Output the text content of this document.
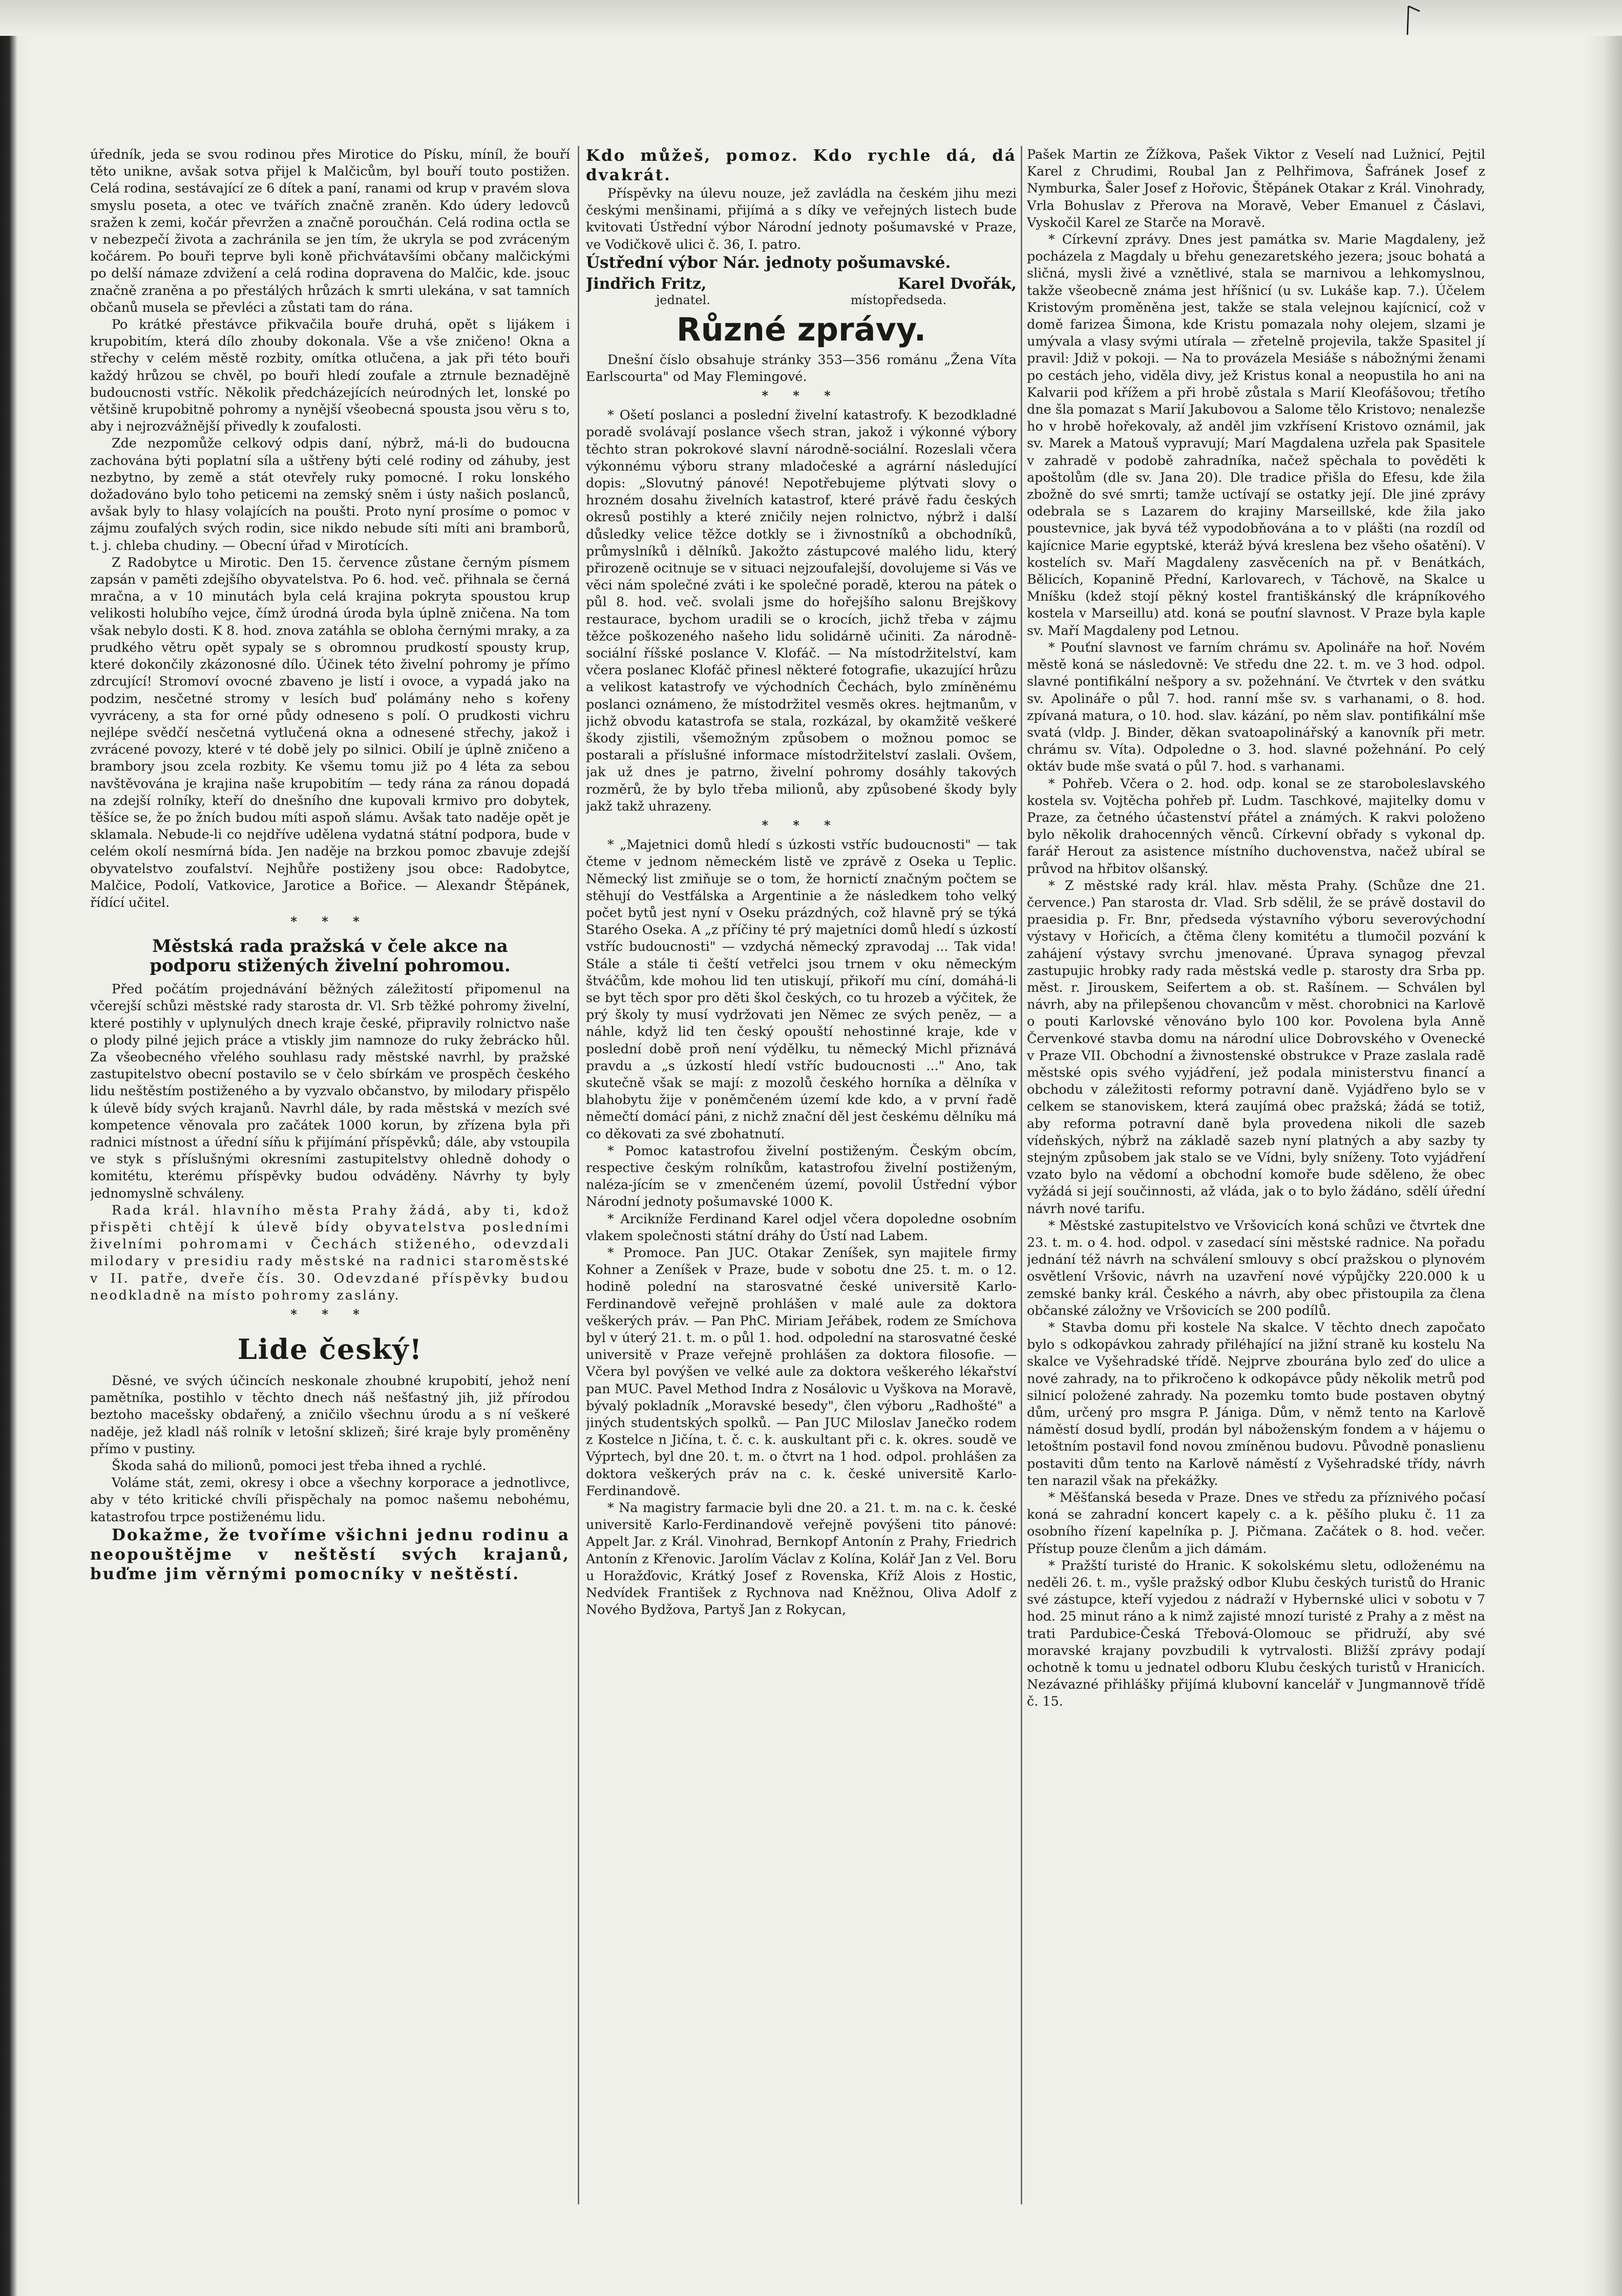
úředník, jeda se svou rodinou přes Mirotice do Písku, míníl, že bouří těto unikne, avšak sotva přijel k Malčicům, byl bouří touto postižen. Celá rodina, sestávající ze 6 dítek a paní, ranami od krup v pravém slova smyslu poseta, a otec ve tvářích značně zraněn. Kdo údery ledovců sražen k zemi, kočár převržen a značně poroučhán. Celá rodina octla se v nebezpečí života a zachránila se jen tím, že ukryla se pod zvráceným kočárem. Po bouři teprve byli koně přichvátavšími občany malčickými po delší námaze zdvižení a celá rodina dopravena do Malčic, kde. jsouc značně zraněna a po přestálých hrůzách k smrti ulekána, v sat tamních občanů musela se převléci a zůstati tam do rána.

Po krátké přestávce přikvačila bouře druhá, opět s lijákem i krupobitím, která dílo zhouby dokonala. Vše a vše zničeno! Okna a střechy v celém městě rozbity, omítka otlučena, a jak při této bouři každý hrůzou se chvěl, po bouři hledí zoufale a ztrnule beznadějně budoucnosti vstříc. Několik předcházejících neúrodných let, lonské po většině krupobitně pohromy a nynější všeobecná spousta jsou věru s to, aby i nejrozvážnější přivedly k zoufalosti.

Zde nezpomůže celkový odpis daní, nýbrž, má-li do budoucna zachována býti poplatní síla a uštřeny býti celé rodiny od záhuby, jest nezbytno, by země a stát otevřely ruky pomocné. I roku lonského dožadováno bylo toho peticemi na zemský sněm i ústy našich poslanců, avšak byly to hlasy volajících na poušti. Proto nyní prosíme o pomoc v zájmu zoufalých svých rodin, sice nikdo nebude síti míti ani bramborů, t. j. chleba chudiny. — Obecní úřad v Mirotících.

Z Radobytce u Mirotic. Den 15. července zůstane černým písmem zapsán v paměti zdejšího obyvatelstva. Po 6. hod. več. přihnala se černá mračna, a v 10 minutách byla celá krajina pokryta spoustou krup velikosti holubího vejce, čímž úrodná úroda byla úplně zničena. Na tom však nebylo dosti. K 8. hod. znova zatáhla se obloha černými mraky, a za prudkého větru opět sypaly se s obromnou prudkostí spousty krup, které dokončily zkázonosné dílo. Účinek této živelní pohromy je přímo zdrcující! Stromoví ovocné zbaveno je listí i ovoce, a vypadá jako na podzim, nesčetné stromy v lesích buď polámány neho s kořeny vyvráceny, a sta for orné půdy odneseno s polí. O prudkosti vichru nejlépe svědčí nesčetná vytlučená okna a odnesené střechy, jakož i zvrácené povozy, které v té době jely po silnici. Obilí je úplně zničeno a brambory jsou zcela rozbity. Ke všemu tomu již po 4 léta za sebou navštěvována je krajina naše krupobitím — tedy rána za ránou dopadá na zdejší rolníky, kteří do dnešního dne kupovali krmivo pro dobytek, těšíce se, že po žních budou míti aspoň slámu. Avšak tato naděje opět je sklamala. Nebude-li co nejdříve udělena vydatná státní podpora, bude v celém okolí nesmírná bída. Jen naděje na brzkou pomoc zbavuje zdejší obyvatelstvo zoufalství. Nejhůře postiženy jsou obce: Radobytce, Malčice, Podolí, Vatkovice, Jarotice a Bořice. — Alexandr Štěpánek, řídící učitel.

* * *
Městská rada pražská v čele akce na
podporu stižených živelní pohromou.

Před počátím projednávání běžných záležitostí připomenul na včerejší schůzi městské rady starosta dr. Vl. Srb těžké pohromy živelní, které postihly v uplynulých dnech kraje české, připravily rolnictvo naše o plody pilné jejich práce a vtiskly jim namnoze do ruky žebrácko hůl. Za všeobecného vřelého souhlasu rady městské navrhl, by pražské zastupitelstvo obecní postavilo se v čelo sbírkám ve prospěch českého lidu neštěstím postiženého a by vyzvalo občanstvo, by milodary přispělo k úlevě bídy svých krajanů. Navrhl dále, by rada městská v mezích své kompetence věnovala pro začátek 1000 korun, by zřízena byla při radnici místnost a úřední síňu k přijímání příspěvků; dále, aby vstoupila ve styk s příslušnými okresními zastupitelstvy ohledně dohody o komitétu, kterému příspěvky budou odváděny. Návrhy ty byly jednomyslně schváleny.

Rada král. hlavního města Prahy žádá, aby ti, kdož přispěti chtějí k úlevě bídy obyvatelstva posledními živelními pohromami v Čechách stiženého, odevzdali milodary v presidiu rady městské na radnici staroměstské v II. patře, dveře čís. 30. Odevzdané příspěvky budou neodkladně na místo pohromy zaslány.

* * *
Lide český!

Děsné, ve svých účincích neskonale zhoubné krupobití, jehož není pamětníka, postihlo v těchto dnech náš nešťastný jih, již přírodou beztoho macešsky obdařený, a zničilo všechnu úrodu a s ní veškeré naděje, jež kladl náš rolník v letošní sklizeň; širé kraje byly proměněny přímo v pustiny.

Škoda sahá do milionů, pomoci jest třeba ihned a rychlé.

Voláme stát, zemi, okresy i obce a všechny korporace a jednotlivce, aby v této kritické chvíli přispěchaly na pomoc našemu nebohému, katastrofou trpce postiženému lidu.

Dokažme, že tvoříme všichni jednu rodinu a neopouštějme v neštěstí svých krajanů, buďme jim věrnými pomocníky v neštěstí.

Kdo můžeš, pomoz. Kdo rychle dá, dá dvakrát.

Příspěvky na úlevu nouze, jež zavládla na českém jihu mezi českými menšinami, přijímá a s díky ve veřejných listech bude kvitovati Ústřední výbor Národní jednoty pošumavské v Praze, ve Vodičkově ulici č. 36, I. patro.

Ústřední výbor Nár. jednoty pošumavské.

Jindřich Fritz,	Karel Dvořák,
jednatel.	místopředseda.
Různé zprávy.

Dnešní číslo obsahuje stránky 353—356 románu „Žena Víta Earlscourta" od May Flemingové.

* * *

* Ošetí poslanci a poslední živelní katastrofy. K bezodkladné poradě svolávají poslance všech stran, jakož i výkonné výbory těchto stran pokrokové slavní národně-sociální. Rozeslali včera výkonnému výboru strany mladočeské a agrární následující dopis: „Slovutný pánové! Nepotřebujeme plýtvati slovy o hrozném dosahu živelních katastrof, které právě řadu českých okresů postihly a které zničily nejen rolnictvo, nýbrž i další důsledky velice těžce dotkly se i živnostníků a obchodníků, průmyslníků i dělníků. Jakožto zástupcové malého lidu, který přirozeně ocitnuje se v situaci nejzoufalejší, dovolujeme si Vás ve věci nám společné zváti i ke společné poradě, kterou na pátek o půl 8. hod. več. svolali jsme do hořejšího salonu Brejškovy restaurace, bychom uradili se o krocích, jichž třeba v zájmu těžce poškozeného našeho lidu solidárně učiniti. Za národně-sociální říšské poslance V. Klofáč. — Na místodržitelství, kam včera poslanec Klofáč přinesl některé fotografie, ukazující hrůzu a velikost katastrofy ve východních Čechách, bylo zmíněnému poslanci oznámeno, že místodržitel vesměs okres. hejtmanům, v jichž obvodu katastrofa se stala, rozkázal, by okamžitě veškeré škody zjistili, všemožným způsobem o možnou pomoc se postarali a příslušné informace místodržitelství zaslali. Ovšem, jak už dnes je patrno, živelní pohromy dosáhly takových rozměrů, že by bylo třeba milionů, aby způsobené škody byly jakž takž uhrazeny.

* * *

* „Majetnici domů hledí s úzkosti vstříc budoucnosti" — tak čteme v jednom německém listě ve zprávě z Oseka u Teplic. Německý list zmiňuje se o tom, že hornictí značným počtem se stěhují do Vestfálska a Argentinie a že následkem toho velký počet bytů jest nyní v Oseku prázdných, což hlavně prý se týká Starého Oseka. A „z příčiny té prý majetníci domů hledí s úzkostí vstříc budoucnosti" — vzdychá německý zpravodaj ... Tak vida! Stále a stále ti čeští vetřelci jsou trnem v oku německým štváčům, kde mohou lid ten utiskují, přikoří mu cíní, domáhá-li se byt těch spor pro děti škol českých, co tu hrozeb a výčitek, že prý školy ty musí vydržovati jen Němec ze svých peněz, — a náhle, když lid ten český opouští nehostinné kraje, kde v poslední době proň není výdělku, tu německý Michl přiznává pravdu a „s úzkostí hledí vstříc budoucnosti ..." Ano, tak skutečně však se mají: z mozolů českého horníka a dělníka v blahobytu žije v poněmčeném území kde kdo, a v první řadě němečtí domácí páni, z nichž znační děl jest českému dělníku má co děkovati za své zbohatnutí.

* Pomoc katastrofou živelní postiženým. Českým obcím, respective českým rolníkům, katastrofou živelní postiženým, naléza-jícím se v zmenčeném území, povolil Ústřední výbor Národní jednoty pošumavské 1000 K.

* Arcikníže Ferdinand Karel odjel včera dopoledne osobním vlakem společnosti státní dráhy do Ústí nad Labem.

* Promoce. Pan JUC. Otakar Zeníšek, syn majitele firmy Kohner a Zeníšek v Praze, bude v sobotu dne 25. t. m. o 12. hodině polední na starosvatné české universitě Karlo-Ferdinandově veřejně prohlášen v malé aule za doktora veškerých práv. — Pan PhC. Miriam Jeřábek, rodem ze Smíchova byl v úterý 21. t. m. o půl 1. hod. odpolední na starosvatné české universitě v Praze veřejně prohlášen za doktora filosofie. — Včera byl povýšen ve velké aule za doktora veškerého lékařství pan MUC. Pavel Method Indra z Nosálovic u Vyškova na Moravě, bývalý pokladník „Moravské besedy", člen výboru „Radhošté" a jiných studentských spolků. — Pan JUC Miloslav Janečko rodem z Kostelce n Jičína, t. č. c. k. auskultant při c. k. okres. soudě ve Výprtech, byl dne 20. t. m. o čtvrt na 1 hod. odpol. prohlášen za doktora veškerých práv na c. k. české universitě Karlo-Ferdinandově.

* Na magistry farmacie byli dne 20. a 21. t. m. na c. k. české universitě Karlo-Ferdinandově veřejně povýšeni tito pánové: Appelt Jar. z Král. Vinohrad, Bernkopf Antonín z Prahy, Friedrich Antonín z Křenovic. Jarolím Václav z Kolína, Kolář Jan z Vel. Boru u Horažďovic, Krátký Josef z Rovenska, Kříž Alois z Hostic, Nedvídek František z Rychnova nad Kněžnou, Oliva Adolf z Nového Bydžova, Partyš Jan z Rokycan,

Pašek Martin ze Žížkova, Pašek Viktor z Veselí nad Lužnicí, Pejtil Karel z Chrudimi, Roubal Jan z Pelhřimova, Šafránek Josef z Nymburka, Šaler Josef z Hořovic, Štěpánek Otakar z Král. Vinohrady, Vrla Bohuslav z Přerova na Moravě, Veber Emanuel z Čáslavi, Vyskočil Karel ze Starče na Moravě.

* Církevní zprávy. Dnes jest památka sv. Marie Magdaleny, jež pocházela z Magdaly u břehu genezaretského jezera; jsouc bohatá a sličná, mysli živé a vznětlivé, stala se marnivou a lehkomyslnou, takže všeobecně známa jest hříšnicí (u sv. Lukáše kap. 7.). Účelem Kristovým proměněna jest, takže se stala velejnou kajícnicí, což v domě farizea Šimona, kde Kristu pomazala nohy olejem, slzami je umývala a vlasy svými utírala — zřetelně projevila, takže Spasitel jí pravil: Jdiž v pokoji. — Na to provázela Mesiáše s nábožnými ženami po cestách jeho, viděla divy, jež Kristus konal a neopustila ho ani na Kalvarii pod křížem a při hrobě zůstala s Marií Kleofášovou; třetího dne šla pomazat s Marií Jakubovou a Salome tělo Kristovo; nenalezše ho v hrobě hořekovaly, až anděl jim vzkřísení Kristovo oznámil, jak sv. Marek a Matouš vypravují; Marí Magdalena uzřela pak Spasitele v zahradě v podobě zahradníka, načež spěchala to pověděti k apoštolům (dle sv. Jana 20). Dle tradice přišla do Efesu, kde žila zbožně do své smrti; tamže uctívají se ostatky její. Dle jiné zprávy odebrala se s Lazarem do krajiny Marseillské, kde žila jako poustevnice, jak byvá též vypodobňována a to v plášti (na rozdíl od kajícnice Marie egyptské, kteráž bývá kreslena bez všeho ošatění). V kostelích sv. Maří Magdaleny zasvěceních na př. v Benátkách, Bělicích, Kopanině Přední, Karlovarech, v Táchově, na Skalce u Mníšku (kdež stojí pěkný kostel františkánský dle krápníkového kostela v Marseillu) atd. koná se pouťní slavnost. V Praze byla kaple sv. Maří Magdaleny pod Letnou.

* Pouťní slavnost ve farním chrámu sv. Apolináře na hoř. Novém městě koná se následovně: Ve středu dne 22. t. m. ve 3 hod. odpol. slavné pontifikální nešpory a sv. požehnání. Ve čtvrtek v den svátku sv. Apolináře o půl 7. hod. ranní mše sv. s varhanami, o 8. hod. zpívaná matura, o 10. hod. slav. kázání, po něm slav. pontifikální mše svatá (vldp. J. Binder, děkan svatoapolinářský a kanovník při metr. chrámu sv. Víta). Odpoledne o 3. hod. slavné požehnání. Po celý oktáv bude mše svatá o půl 7. hod. s varhanami.

* Pohřeb. Včera o 2. hod. odp. konal se ze staroboleslavského kostela sv. Vojtěcha pohřeb př. Ludm. Taschkové, majitelky domu v Praze, za četného účastenství přátel a známých. K rakvi položeno bylo několik drahocenných věnců. Církevní obřady s vykonal dp. farář Herout za asistence místního duchovenstva, načež ubíral se průvod na hřbitov olšanský.

* Z městské rady král. hlav. města Prahy. (Schůze dne 21. července.) Pan starosta dr. Vlad. Srb sdělil, že se právě dostavil do praesidia p. Fr. Bnr, předseda výstavního výboru severovýchodní výstavy v Hořicích, a čtěma členy komitétu a tlumočil pozvání k zahájení výstavy svrchu jmenované. Úprava synagog převzal zastupujic hrobky rady rada městská vedle p. starosty dra Srba pp. měst. r. Jirouskem, Seifertem a ob. st. Rašínem. — Schválen byl návrh, aby na přilepšenou chovancům v měst. chorobnici na Karlově o pouti Karlovské věnováno bylo 100 kor. Povolena byla Anně Červenkové stavba domu na národní ulice Dobrovského v Ovenecké v Praze VII. Obchodní a živnostenské obstrukce v Praze zaslala radě městské opis svého vyjádření, jež podala ministerstvu financí a obchodu v záležitosti reformy potravní daně. Vyjádřeno bylo se v celkem se stanoviskem, která zaujímá obec pražská; žádá se totiž, aby reforma potravní daně byla provedena nikoli dle sazeb vídeňských, nýbrž na základě sazeb nyní platných a aby sazby ty stejným způsobem jak stalo se ve Vídni, byly sníženy. Toto vyjádření vzato bylo na vědomí a obchodní komoře bude sděleno, že obec vyžádá si její součinnosti, až vláda, jak o to bylo žádáno, sdělí úřední návrh nové tarifu.

* Městské zastupitelstvo ve Vršovicích koná schůzi ve čtvrtek dne 23. t. m. o 4. hod. odpol. v zasedací síni městské radnice. Na pořadu jednání též návrh na schválení smlouvy s obcí pražskou o plynovém osvětlení Vršovic, návrh na uzavření nové výpůjčky 220.000 k u zemské banky král. Českého a návrh, aby obec přistoupila za člena občanské záložny ve Vršovicích se 200 podílů.

* Stavba domu při kostele Na skalce. V těchto dnech započato bylo s odkopávkou zahrady přiléhající na jižní straně ku kostelu Na skalce ve Vyšehradské třídě. Nejprve zbourána bylo zeď do ulice a nové zahrady, na to přikročeno k odkopávce půdy několik metrů pod silnicí položené zahrady. Na pozemku tomto bude postaven obytný dům, určený pro msgra P. Jániga. Dům, v němž tento na Karlově náměstí dosud bydlí, prodán byl náboženským fondem a v hájemu o letoštním postavil fond novou zmíněnou budovu. Původně ponaslienu postaviti dům tento na Karlově náměstí z Vyšehradské třídy, návrh ten narazil však na překážky.

* Měšťanská beseda v Praze. Dnes ve středu za příznivého počasí koná se zahradní koncert kapely c. a k. pěšího pluku č. 11 za osobního řízení kapelníka p. J. Pičmana. Začátek o 8. hod. večer. Přístup pouze členům a jich dámám.

* Pražští turisté do Hranic. K sokolskému sletu, odloženému na neděli 26. t. m., vyšle pražský odbor Klubu českých turistů do Hranic své zástupce, kteří vyjedou z nádraží v Hybernské ulici v sobotu v 7 hod. 25 minut ráno a k nimž zajisté mnozí turisté z Prahy a z měst na trati Pardubice-Česká Třebová-Olomouc se přidruží, aby své moravské krajany povzbudili k vytrvalosti. Bližší zprávy podají ochotně k tomu u jednatel odboru Klubu českých turistů v Hranicích. Nezávazné přihlášky přijímá klubovní kancelář v Jungmannově třídě č. 15.
